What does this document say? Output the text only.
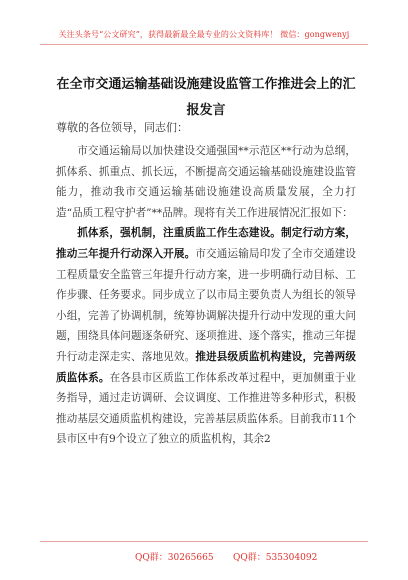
关注头条号“公文研究”，获得最新最全最专业的公文资料库！ 微信：gongwenyj
在全市交通运输基础设施建设监管工作推进会上的汇报发言
尊敬的各位领导，同志们：

市交通运输局以加快建设交通强国**示范区**行动为总纲，抓体系、抓重点、抓长远，不断提高交通运输基础设施建设监管能力，推动我市交通运输基础设施建设高质量发展，全力打造“品质工程守护者”**品牌。现将有关工作进展情况汇报如下：

抓体系，强机制，注重质监工作生态建设。制定行动方案，推动三年提升行动深入开展。市交通运输局印发了全市交通建设工程质量安全监管三年提升行动方案，进一步明确行动目标、工作步骤、任务要求。同步成立了以市局主要负责人为组长的领导小组，完善了协调机制，统筹协调解决提升行动中发现的重大问题，围绕具体问题逐条研究、逐项推进、逐个落实，推动三年提升行动走深走实、落地见效。推进县级质监机构建设，完善两级质监体系。在各县市区质监工作体系改革过程中，更加侧重于业务指导，通过走访调研、会议调度、工作推进等多种形式，积极推动基层交通质监机构建设，完善基层质监体系。目前我市11个县市区中有9个设立了独立的质监机构，其余2

QQ群：30265665 QQ群：535304092
